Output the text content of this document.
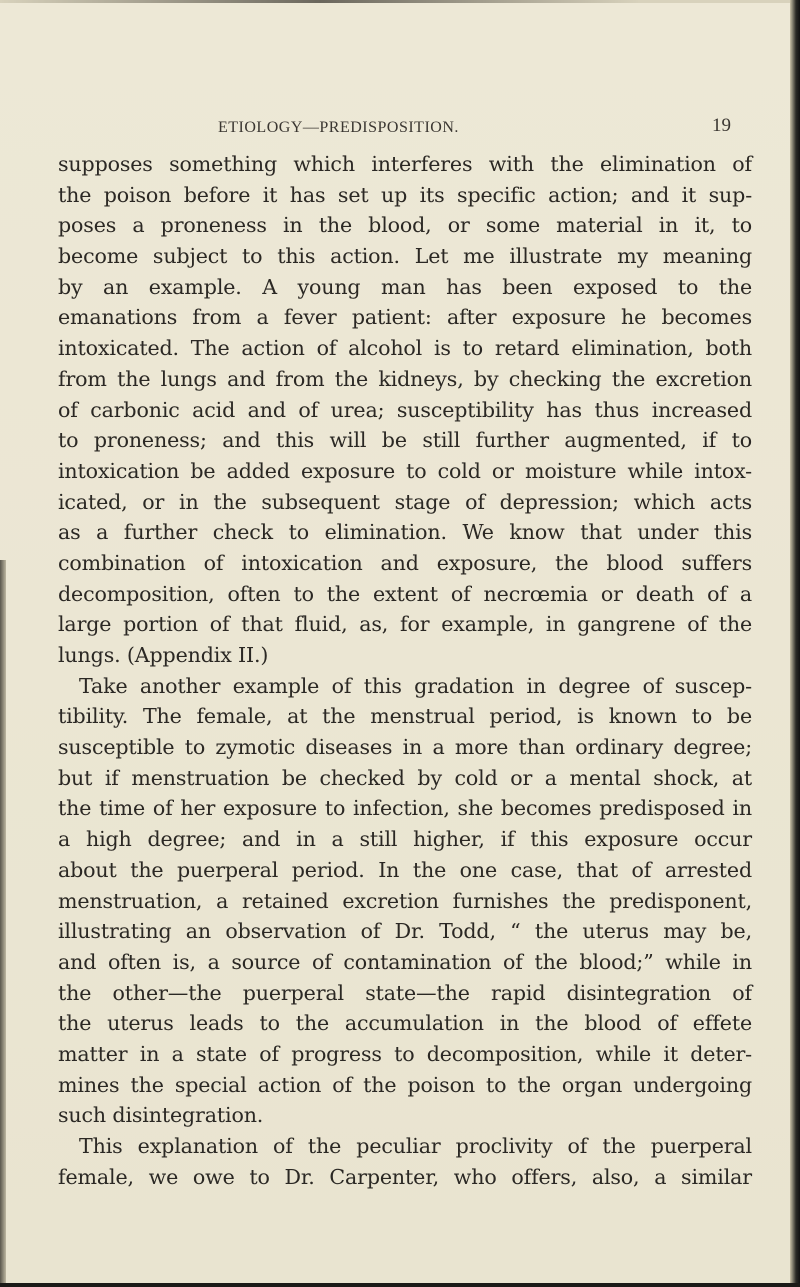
ETIOLOGY—PREDISPOSITION.	19
supposes something which interferes with the elimination of
the poison before it has set up its specific action; and it sup-
poses a proneness in the blood, or some material in it, to
become subject to this action. Let me illustrate my meaning
by an example. A young man has been exposed to the
emanations from a fever patient: after exposure he becomes
intoxicated. The action of alcohol is to retard elimination, both
from the lungs and from the kidneys, by checking the excretion
of carbonic acid and of urea; susceptibility has thus increased
to proneness; and this will be still further augmented, if to
intoxication be added exposure to cold or moisture while intox-
icated, or in the subsequent stage of depression; which acts
as a further check to elimination. We know that under this
combination of intoxication and exposure, the blood suffers
decomposition, often to the extent of necrœmia or death of a
large portion of that fluid, as, for example, in gangrene of the
lungs. (Appendix II.)
Take another example of this gradation in degree of suscep-
tibility. The female, at the menstrual period, is known to be
susceptible to zymotic diseases in a more than ordinary degree;
but if menstruation be checked by cold or a mental shock, at
the time of her exposure to infection, she becomes predisposed in
a high degree; and in a still higher, if this exposure occur
about the puerperal period. In the one case, that of arrested
menstruation, a retained excretion furnishes the predisponent,
illustrating an observation of Dr. Todd, “ the uterus may be,
and often is, a source of contamination of the blood;” while in
the other—the puerperal state—the rapid disintegration of
the uterus leads to the accumulation in the blood of effete
matter in a state of progress to decomposition, while it deter-
mines the special action of the poison to the organ undergoing
such disintegration.
This explanation of the peculiar proclivity of the puerperal
female, we owe to Dr. Carpenter, who offers, also, a similar
